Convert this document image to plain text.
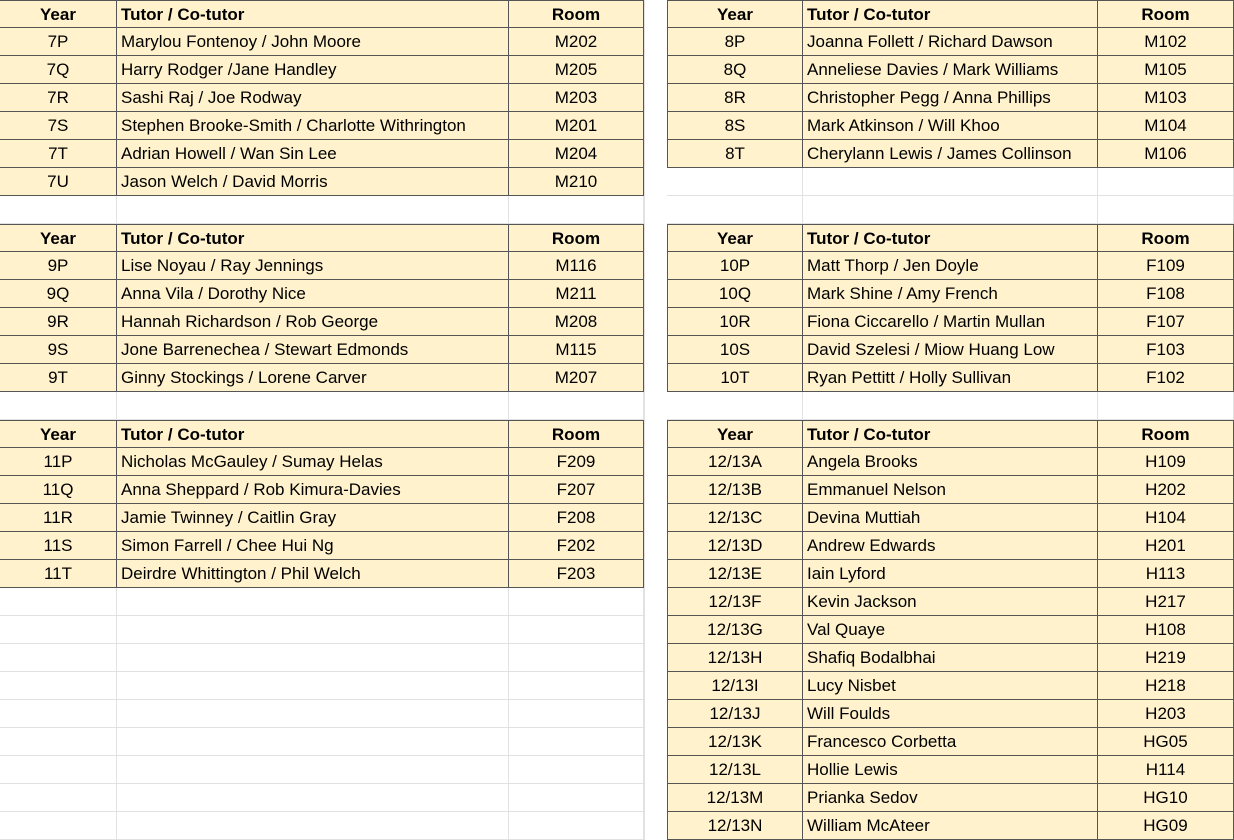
Year	Tutor / Co-tutor	Room
7P	Marylou Fontenoy / John Moore	M202
7Q	Harry Rodger /Jane Handley	M205
7R	Sashi Raj / Joe Rodway	M203
7S	Stephen Brooke-Smith / Charlotte Withrington	M201
7T	Adrian Howell / Wan Sin Lee	M204
7U	Jason Welch / David Morris	M210
Year	Tutor / Co-tutor	Room
9P	Lise Noyau / Ray Jennings	M116
9Q	Anna Vila / Dorothy Nice	M211
9R	Hannah Richardson / Rob George	M208
9S	Jone Barrenechea / Stewart Edmonds	M115
9T	Ginny Stockings / Lorene Carver	M207
Year	Tutor / Co-tutor	Room
11P	Nicholas McGauley / Sumay Helas	F209
11Q	Anna Sheppard / Rob Kimura-Davies	F207
11R	Jamie Twinney / Caitlin Gray	F208
11S	Simon Farrell / Chee Hui Ng	F202
11T	Deirdre Whittington / Phil Welch	F203
Year	Tutor / Co-tutor	Room
8P	Joanna Follett / Richard Dawson	M102
8Q	Anneliese Davies / Mark Williams	M105
8R	Christopher Pegg / Anna Phillips	M103
8S	Mark Atkinson / Will Khoo	M104
8T	Cherylann Lewis / James Collinson	M106
Year	Tutor / Co-tutor	Room
10P	Matt Thorp / Jen Doyle	F109
10Q	Mark Shine / Amy French	F108
10R	Fiona Ciccarello / Martin Mullan	F107
10S	David Szelesi / Miow Huang Low	F103
10T	Ryan Pettitt / Holly Sullivan	F102
Year	Tutor / Co-tutor	Room
12/13A	Angela Brooks	H109
12/13B	Emmanuel Nelson	H202
12/13C	Devina Muttiah	H104
12/13D	Andrew Edwards	H201
12/13E	Iain Lyford	H113
12/13F	Kevin Jackson	H217
12/13G	Val Quaye	H108
12/13H	Shafiq Bodalbhai	H219
12/13I	Lucy Nisbet	H218
12/13J	Will Foulds	H203
12/13K	Francesco Corbetta	HG05
12/13L	Hollie Lewis	H114
12/13M	Prianka Sedov	HG10
12/13N	William McAteer	HG09
